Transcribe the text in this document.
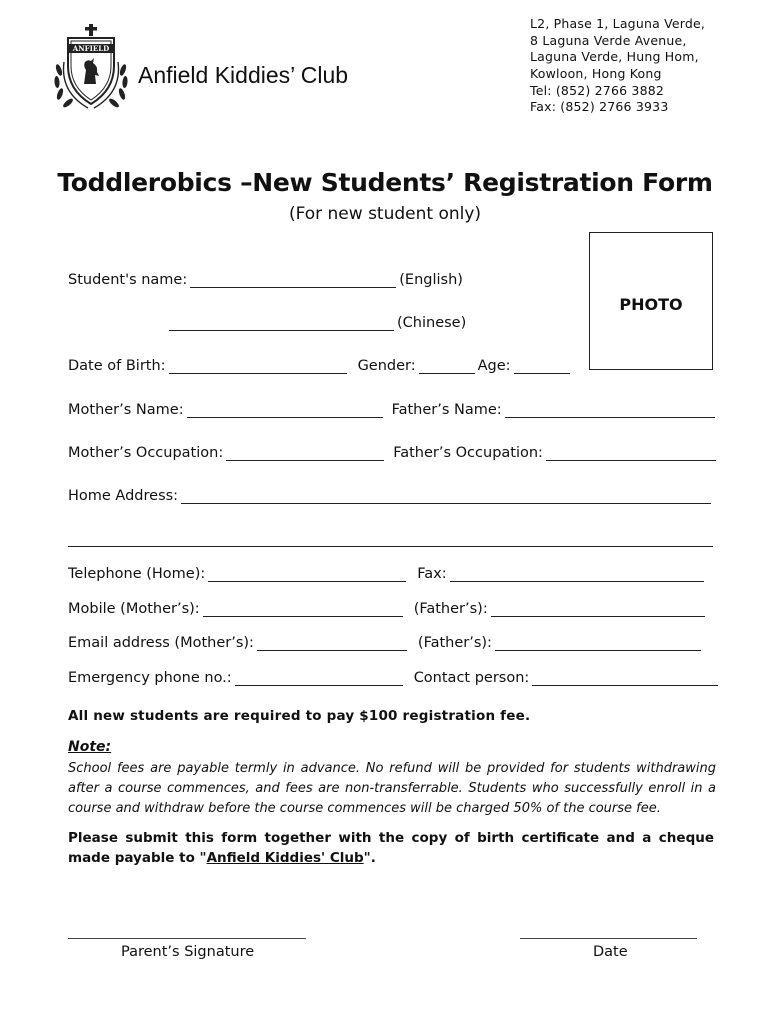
ANFIELD
Anfield Kiddies’ Club
L2, Phase 1, Laguna Verde,
8 Laguna Verde Avenue,
Laguna Verde, Hung Hom,
Kowloon, Hong Kong
Tel: (852) 2766 3882
Fax: (852) 2766 3933
Toddlerobics –New Students’ Registration Form
(For new student only)
PHOTO
Student's name:	(English)
(Chinese)
Date of Birth:	Gender:	Age:
Mother’s Name:	Father’s Name:
Mother’s Occupation:	Father’s Occupation:
Home Address:
Telephone (Home):	Fax:
Mobile (Mother’s):	(Father’s):
Email address (Mother’s):	(Father’s):
Emergency phone no.:	Contact person:
All new students are required to pay $100 registration fee.
Note:
School fees are payable termly in advance. No refund will be provided for students withdrawing after a course commences, and fees are non-transferrable. Students who successfully enroll in a course and withdraw before the course commences will be charged 50% of the course fee.
Please submit this form together with the copy of birth certificate and a cheque made payable to "Anfield Kiddies' Club".
Parent’s Signature	Date
